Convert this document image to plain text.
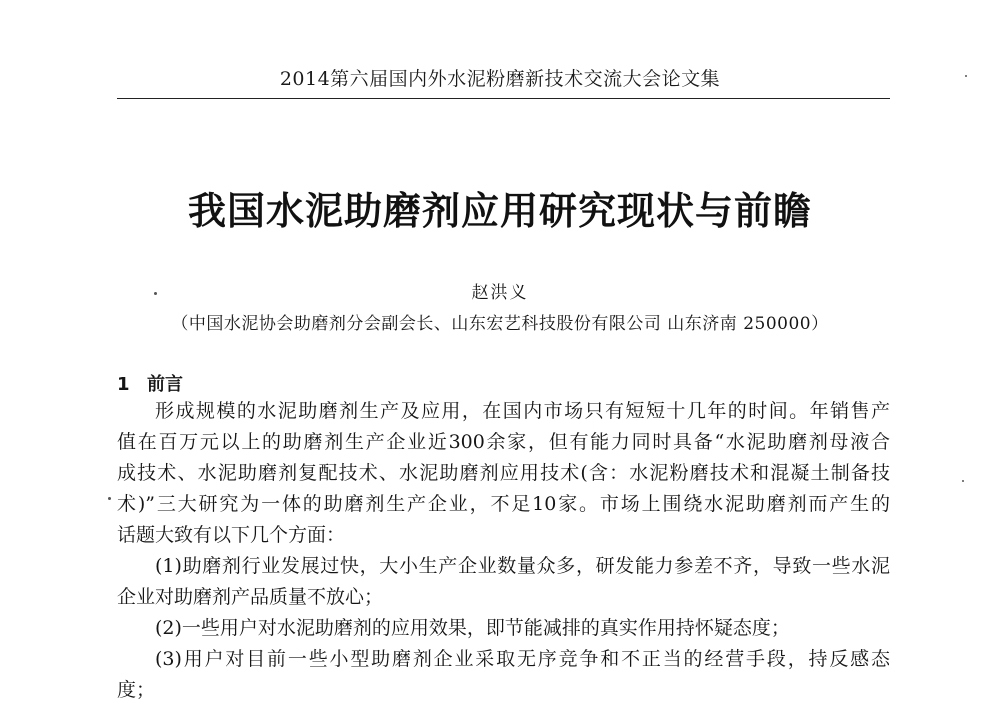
2014第六届国内外水泥粉磨新技术交流大会论文集
我国水泥助磨剂应用研究现状与前瞻
赵洪义
（中国水泥协会助磨剂分会副会长、山东宏艺科技股份有限公司 山东济南 250000）
1 前言
形成规模的水泥助磨剂生产及应用，在国内市场只有短短十几年的时间。年销售产
值在百万元以上的助磨剂生产企业近300余家，但有能力同时具备“水泥助磨剂母液合
成技术、水泥助磨剂复配技术、水泥助磨剂应用技术(含：水泥粉磨技术和混凝土制备技
术)”三大研究为一体的助磨剂生产企业，不足10家。市场上围绕水泥助磨剂而产生的
话题大致有以下几个方面：
(1)助磨剂行业发展过快，大小生产企业数量众多，研发能力参差不齐，导致一些水泥
企业对助磨剂产品质量不放心；
(2)一些用户对水泥助磨剂的应用效果，即节能减排的真实作用持怀疑态度；
(3)用户对目前一些小型助磨剂企业采取无序竞争和不正当的经营手段，持反感态
度；
